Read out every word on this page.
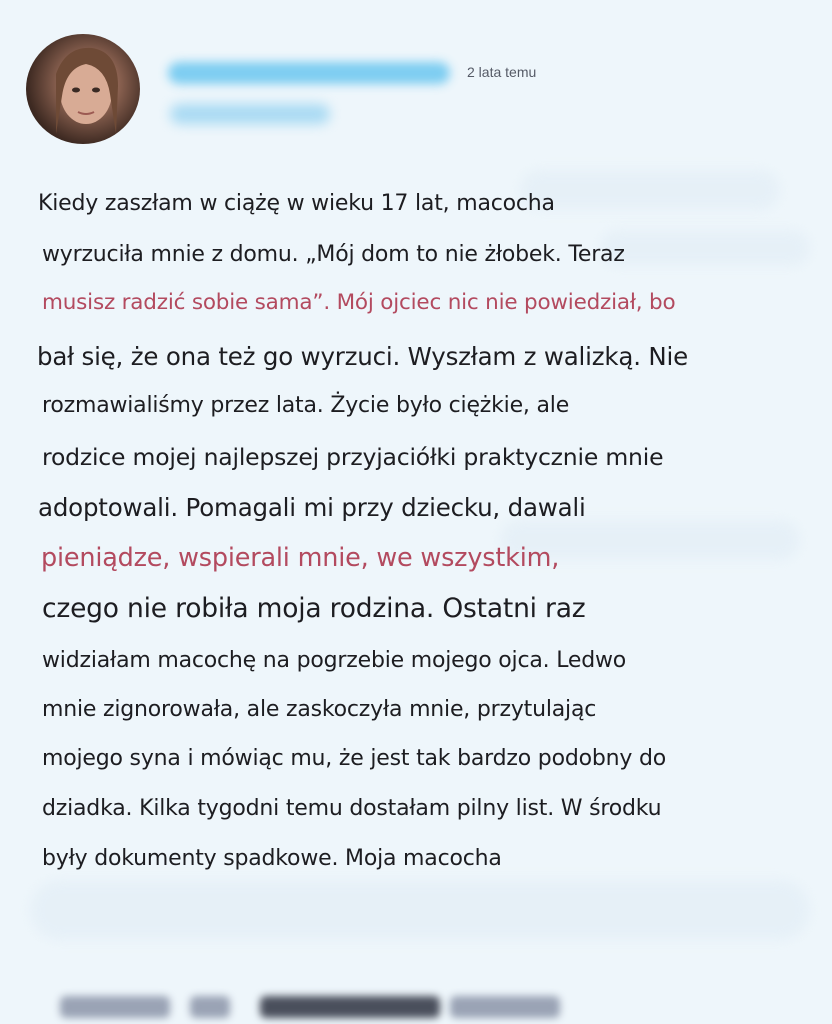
2 lata temu
Kiedy zaszłam w ciążę w wieku 17 lat, macocha
wyrzuciła mnie z domu. „Mój dom to nie żłobek. Teraz
musisz radzić sobie sama”. Mój ojciec nic nie powiedział, bo
bał się, że ona też go wyrzuci. Wyszłam z walizką. Nie
rozmawialiśmy przez lata. Życie było ciężkie, ale
rodzice mojej najlepszej przyjaciółki praktycznie mnie
adoptowali. Pomagali mi przy dziecku, dawali
pieniądze, wspierali mnie, we wszystkim,
czego nie robiła moja rodzina. Ostatni raz
widziałam macochę na pogrzebie mojego ojca. Ledwo
mnie zignorowała, ale zaskoczyła mnie, przytulając
mojego syna i mówiąc mu, że jest tak bardzo podobny do
dziadka. Kilka tygodni temu dostałam pilny list. W środku
były dokumenty spadkowe. Moja macocha
